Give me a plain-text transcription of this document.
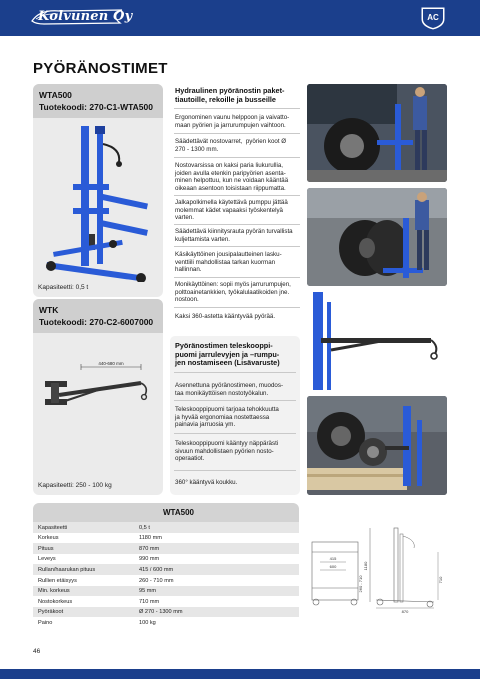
Kolvunen Oy	AC
PYÖRÄNOSTIMET
WTA500
Tuotekoodi: 270-C1-WTA500
Kapasiteetti: 0,5 t
WTK
Tuotekoodi: 270-C2-6007000
440-680 mm
Kapasiteetti: 250 - 100 kg
Hydraulinen pyöränostin paket-
tiautoille, rekoille ja busseille
Ergonominen vaunu helppoon ja vaivatto-
maan pyörien ja jarrurumpujen vaihtoon.
Säädettävät nostovarret,  pyörien koot Ø
270 - 1300 mm.
Nostovarsissa on kaksi paria liukurullia,
joiden avulla etenkin paripyörien asenta-
minen helpottuu, kun ne voidaan kääntää
oikeaan asentoon toisistaan riippumatta.
Jalkapolkimella käytettävä pumppu jättää
molemmat kädet vapaaksi työskentelyä
varten.
Säädettävä kiinnitysrauta pyörän turvallista
kuljettamista varten.
Käsikäyttöinen jousipalautteinen lasku-
venttiili mahdollistaa tarkan kuorman
hallinnan.
Monikäyttöinen: sopii myös jarrurumpujen,
polttoainetankkien, työkalulaatikoiden jne.
nostoon.
Kaksi 360-astetta kääntyvää pyörää.
Pyöränostimen teleskooppi-
puomi jarrulevyjen ja –rumpu-
jen nostamiseen (Lisävaruste)
Asennettuna pyöränostimeen, muodos-
taa monikäyttöisen nostotyökalun.
Teleskooppipuomi tarjoaa tehokkuutta
ja hyvää ergonomiaa nostettaessa
painavia jarruosia ym.
Teleskooppipuomi kääntyy näppärästi
sivuun mahdollistaen pyörien nosto-
operaatiot.
360° kääntyvä koukku.
WTA500
Kapasiteetti	0,5 t
Korkeus	1180 mm
Pituus	870 mm
Leveys	990 mm
Rullan/haarukan pituus	415 / 600 mm
Rullien etäisyys	260 - 710 mm
Min. korkeus	95 mm
Nostokorkeus	710 mm
Pyöräkoot	Ø 270 - 1300 mm
Paino	100 kg
415
600	1180
260 - 710	710
870
46
